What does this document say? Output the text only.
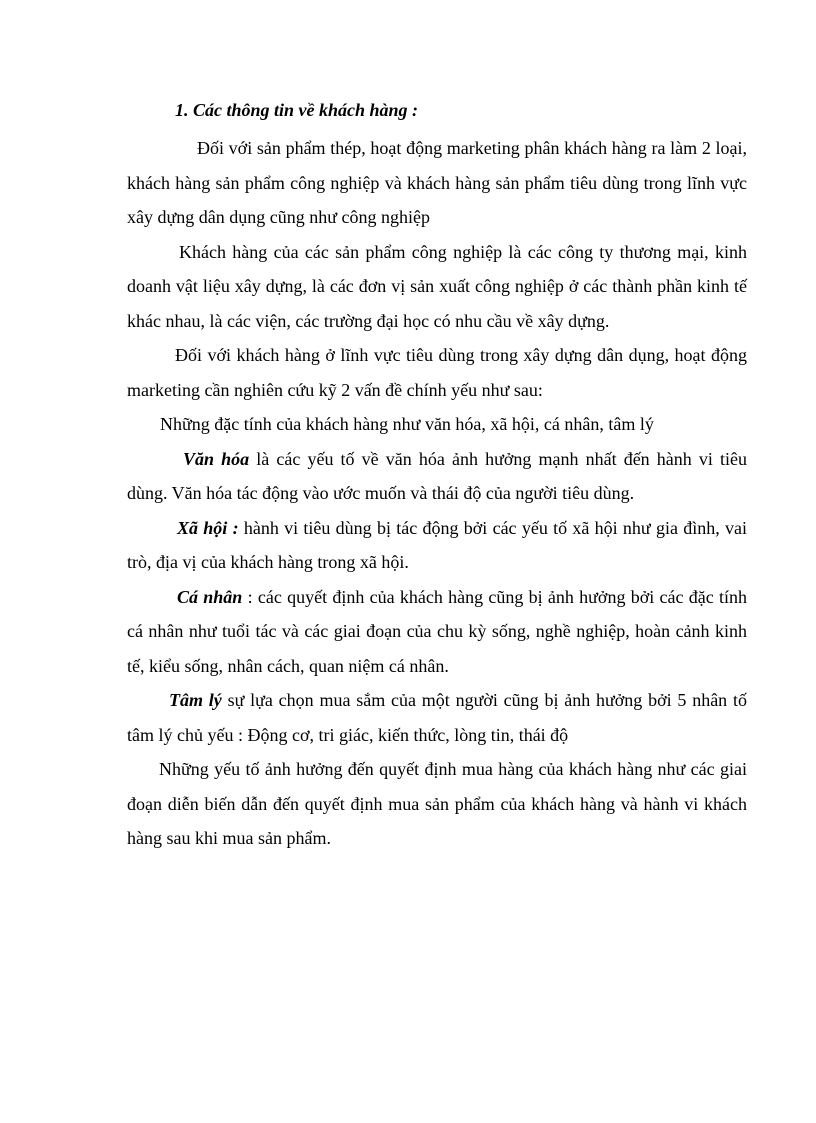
1. Các thông tin về khách hàng :

Đối với sản phẩm thép, hoạt động marketing phân khách hàng ra làm 2 loại, khách hàng sản phẩm công nghiệp và khách hàng sản phẩm tiêu dùng trong lĩnh vực xây dựng dân dụng cũng như công nghiệp

Khách hàng của các sản phẩm công nghiệp là các công ty thương mại, kinh doanh vật liệu xây dựng, là các đơn vị sản xuất công nghiệp ở các thành phần kinh tế khác nhau, là các viện, các trường đại học có nhu cầu về xây dựng.

Đối với khách hàng ở lĩnh vực tiêu dùng trong xây dựng dân dụng, hoạt động marketing cần nghiên cứu kỹ 2 vấn đề chính yếu như sau:

Những đặc tính của khách hàng như văn hóa, xã hội, cá nhân, tâm lý

Văn hóa là các yếu tố về văn hóa ảnh hưởng mạnh nhất đến hành vi tiêu dùng. Văn hóa tác động vào ước muốn và thái độ của người tiêu dùng.

Xã hội : hành vi tiêu dùng bị tác động bởi các yếu tố xã hội như gia đình, vai trò, địa vị của khách hàng trong xã hội.

Cá nhân : các quyết định của khách hàng cũng bị ảnh hưởng bởi các đặc tính cá nhân như tuổi tác và các giai đoạn của chu kỳ sống, nghề nghiệp, hoàn cảnh kinh tế, kiểu sống, nhân cách, quan niệm cá nhân.

Tâm lý sự lựa chọn mua sắm của một người cũng bị ảnh hưởng bởi 5 nhân tố tâm lý chủ yếu : Động cơ, tri giác, kiến thức, lòng tin, thái độ

Những yếu tố ảnh hưởng đến quyết định mua hàng của khách hàng như các giai đoạn diễn biến dẫn đến quyết định mua sản phẩm của khách hàng và hành vi khách hàng sau khi mua sản phẩm.
